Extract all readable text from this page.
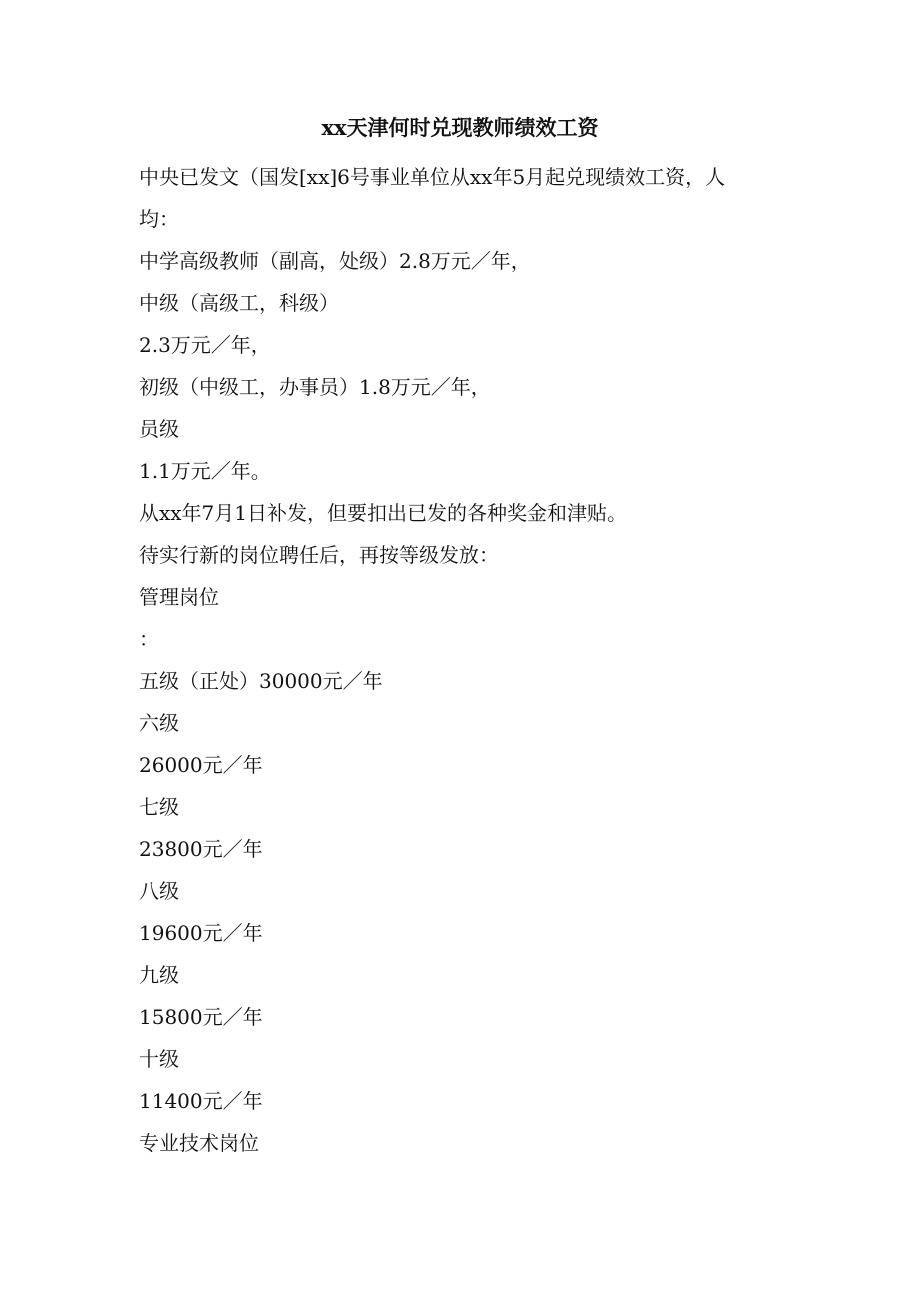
xx天津何时兑现教师绩效工资
中央已发文（国发[xx]6号事业单位从xx年5月起兑现绩效工资，人
均：
中学高级教师（副高，处级）2.8万元／年，
中级（高级工，科级）
2.3万元／年，
初级（中级工，办事员）1.8万元／年，
员级
1.1万元／年。
从xx年7月1日补发，但要扣出已发的各种奖金和津贴。
待实行新的岗位聘任后，再按等级发放：
管理岗位
：
五级（正处）30000元／年
六级
26000元／年
七级
23800元／年
八级
19600元／年
九级
15800元／年
十级
11400元／年
专业技术岗位
